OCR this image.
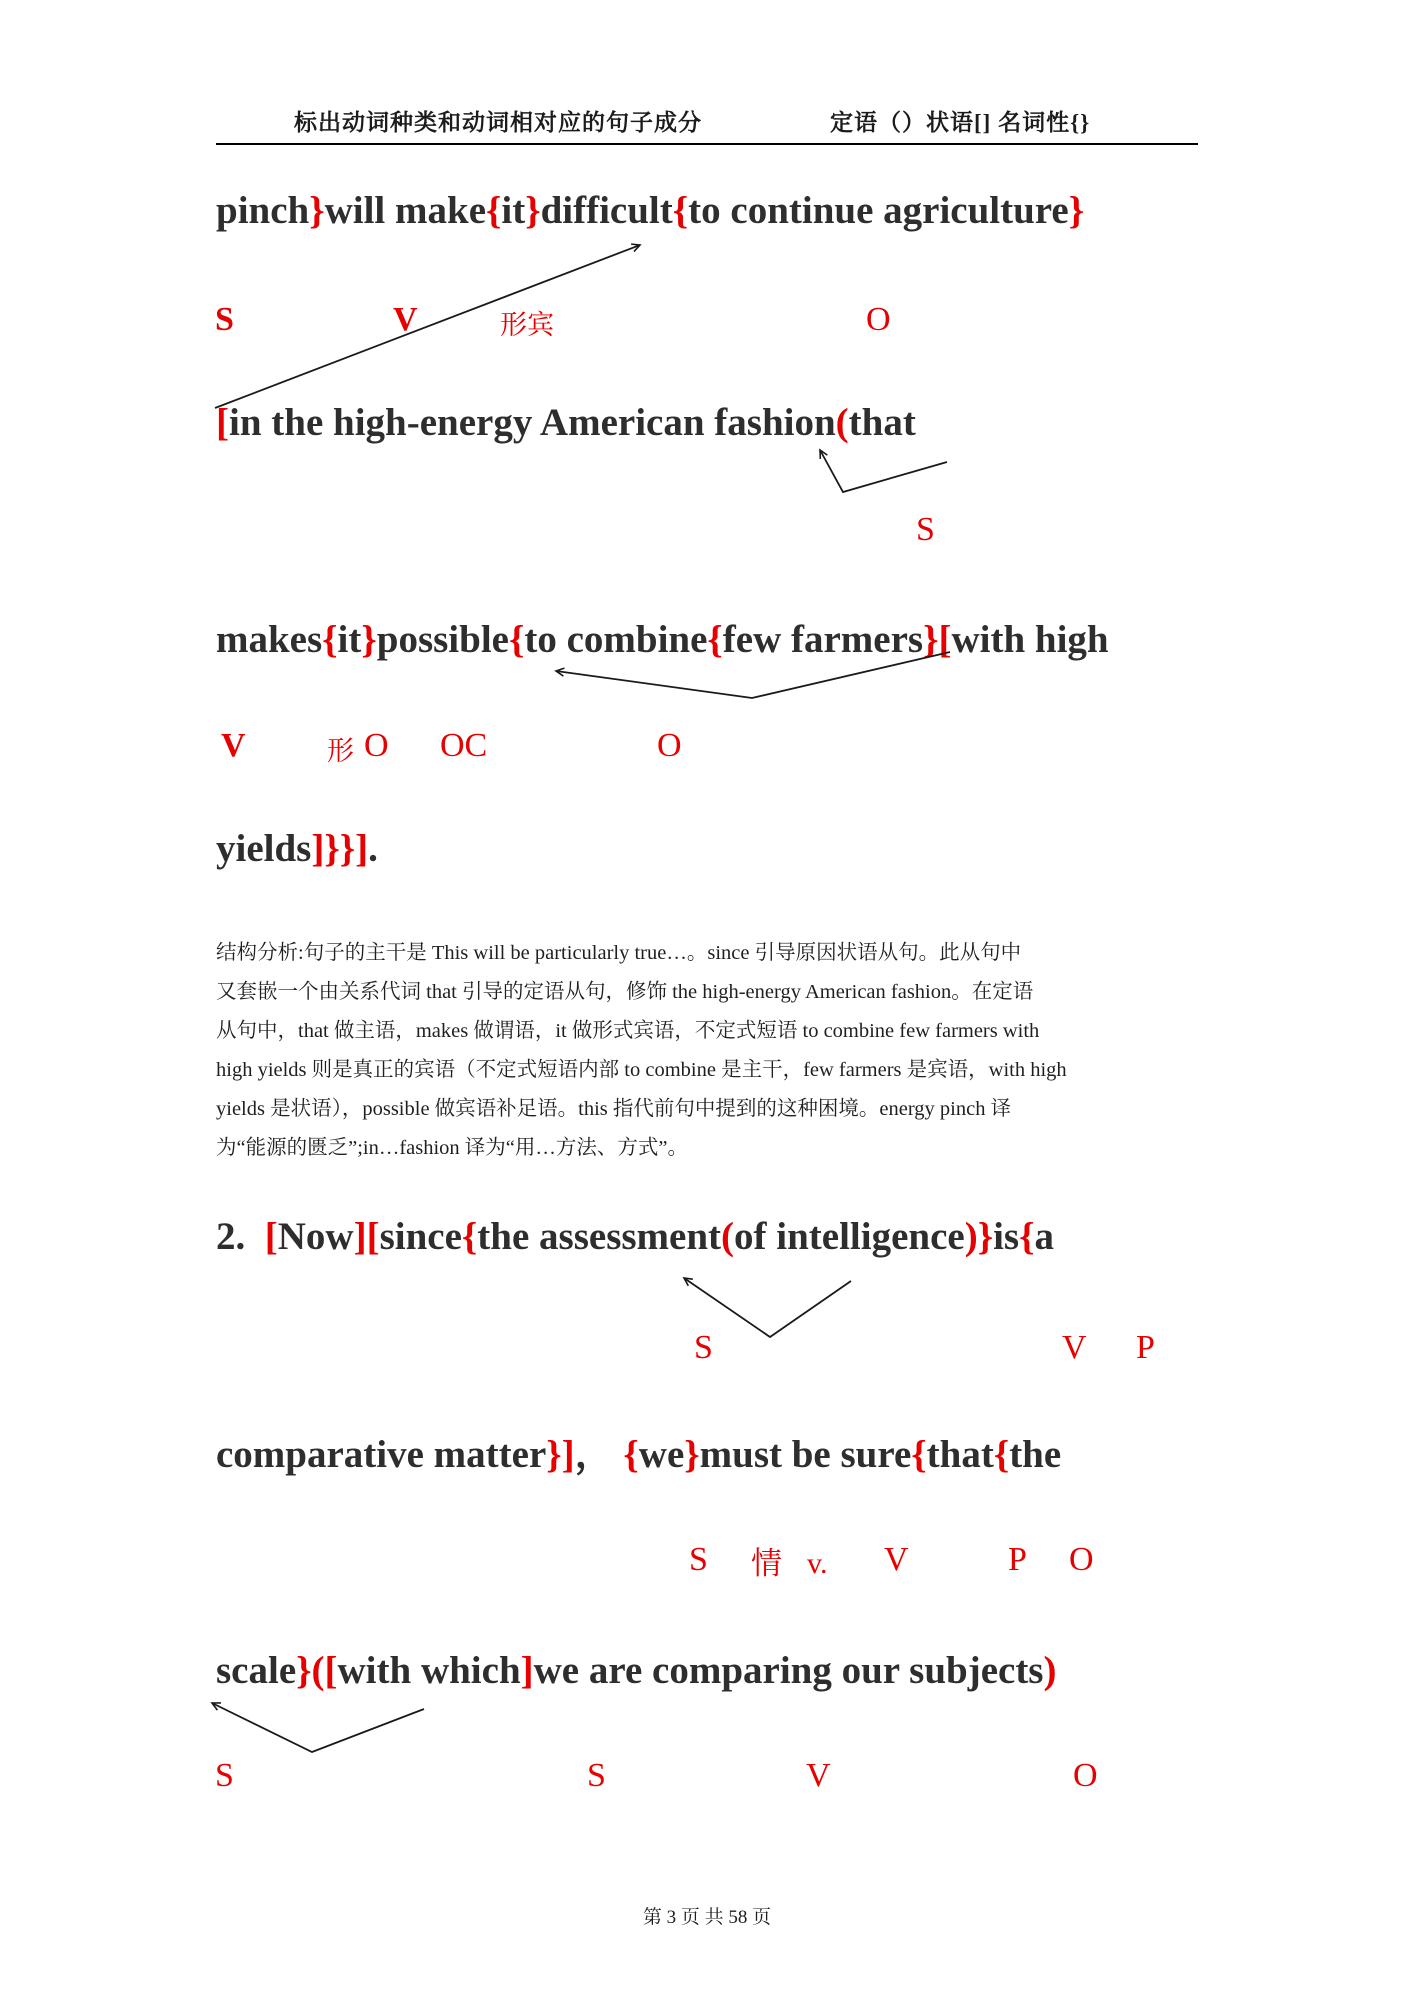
标出动词种类和动词相对应的句子成分	定语（）状语[] 名词性{}
pinch}will make{it}difficult{to continue agriculture}
[in the high-energy American fashion(that
makes{it}possible{to combine{few farmers}[with high
yields]}}].
2.  [Now][since{the assessment(of intelligence)}is{a
comparative matter}]， {we}must be sure{that{the
scale}([with which]we are comparing our subjects)
S	V	形宾	O
S
V	形 O OC	O
S	V P
S 情 v. V	P O
S	S	V	O
结构分析:句子的主干是 This will be particularly true…。since 引导原因状语从句。此从句中
又套嵌一个由关系代词 that 引导的定语从句，修饰 the high-energy American fashion。在定语
从句中，that 做主语，makes 做谓语，it 做形式宾语，不定式短语 to combine few farmers with
high yields 则是真正的宾语（不定式短语内部 to combine 是主干，few farmers 是宾语，with high
yields 是状语），possible 做宾语补足语。this 指代前句中提到的这种困境。energy pinch 译
为“能源的匮乏”;in…fashion 译为“用…方法、方式”。
第 3 页 共 58 页
